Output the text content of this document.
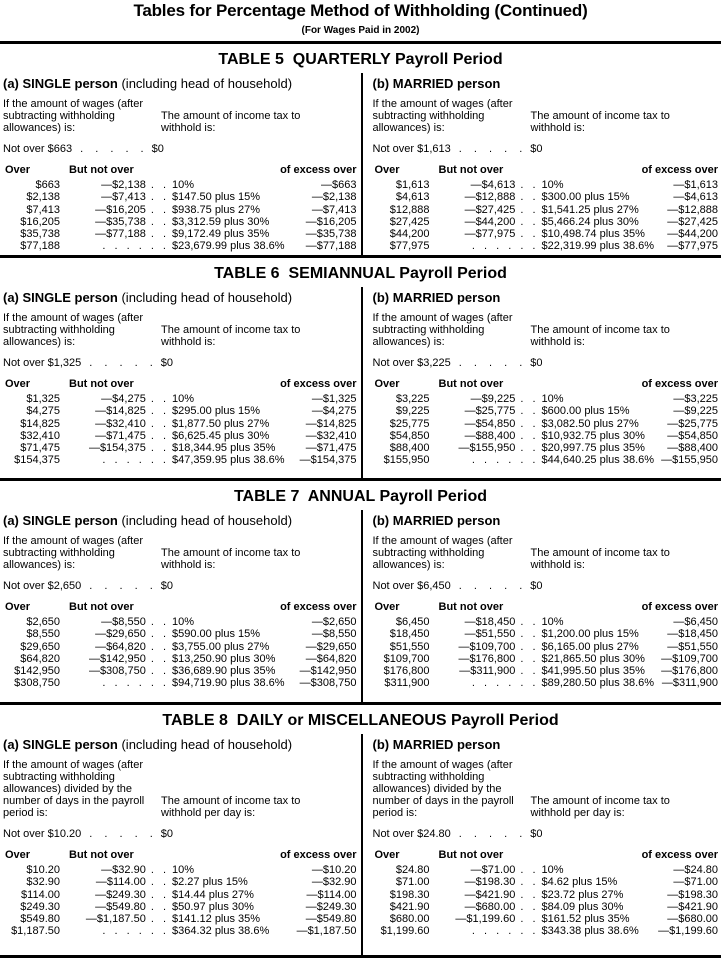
Tables for Percentage Method of Withholding (Continued)
(For Wages Paid in 2002)
TABLE 5  QUARTERLY Payroll Period
(a) SINGLE person (including head of household)
If the amount of wages (after subtracting withholding allowances) is:
The amount of income tax to withhold is:
Not over $663 . . . . . $0
Over	But not over	of excess over
$663	—$2,138 . . 10%	—$663
$2,138	—$7,413 . . $147.50 plus 15%	—$2,138
$7,413	—$16,205 . . $938.75 plus 27%	—$7,413
$16,205	—$35,738 . . $3,312.59 plus 30%	—$16,205
$35,738	—$77,188 . . $9,172.49 plus 35%	—$35,738
$77,188	. . . . . . $23,679.99 plus 38.6%	—$77,188
(b) MARRIED person
If the amount of wages (after subtracting withholding allowances) is:
The amount of income tax to withhold is:
Not over $1,613 . . . . . $0
Over	But not over	of excess over
$1,613	—$4,613 . . 10%	—$1,613
$4,613	—$12,888 . . $300.00 plus 15%	—$4,613
$12,888	—$27,425 . . $1,541.25 plus 27%	—$12,888
$27,425	—$44,200 . . $5,466.24 plus 30%	—$27,425
$44,200	—$77,975 . . $10,498.74 plus 35%	—$44,200
$77,975	. . . . . . $22,319.99 plus 38.6%	—$77,975
TABLE 6  SEMIANNUAL Payroll Period
(a) SINGLE person (including head of household)
If the amount of wages (after subtracting withholding allowances) is:
The amount of income tax to withhold is:
Not over $1,325 . . . . . $0
Over	But not over	of excess over
$1,325	—$4,275 . . 10%	—$1,325
$4,275	—$14,825 . . $295.00 plus 15%	—$4,275
$14,825	—$32,410 . . $1,877.50 plus 27%	—$14,825
$32,410	—$71,475 . . $6,625.45 plus 30%	—$32,410
$71,475	—$154,375 . . $18,344.95 plus 35%	—$71,475
$154,375	. . . . . . $47,359.95 plus 38.6%	—$154,375
(b) MARRIED person
If the amount of wages (after subtracting withholding allowances) is:
The amount of income tax to withhold is:
Not over $3,225 . . . . . $0
Over	But not over	of excess over
$3,225	—$9,225 . . 10%	—$3,225
$9,225	—$25,775 . . $600.00 plus 15%	—$9,225
$25,775	—$54,850 . . $3,082.50 plus 27%	—$25,775
$54,850	—$88,400 . . $10,932.75 plus 30%	—$54,850
$88,400	—$155,950 . . $20,997.75 plus 35%	—$88,400
$155,950	. . . . . . $44,640.25 plus 38.6% —$155,950
TABLE 7  ANNUAL Payroll Period
(a) SINGLE person (including head of household)
If the amount of wages (after subtracting withholding allowances) is:
The amount of income tax to withhold is:
Not over $2,650 . . . . . $0
Over	But not over	of excess over
$2,650	—$8,550 . . 10%	—$2,650
$8,550	—$29,650 . . $590.00 plus 15%	—$8,550
$29,650	—$64,820 . . $3,755.00 plus 27%	—$29,650
$64,820	—$142,950 . . $13,250.90 plus 30%	—$64,820
$142,950	—$308,750 . . $36,689.90 plus 35%	—$142,950
$308,750	. . . . . . $94,719.90 plus 38.6%	—$308,750
(b) MARRIED person
If the amount of wages (after subtracting withholding allowances) is:
The amount of income tax to withhold is:
Not over $6,450 . . . . . $0
Over	But not over	of excess over
$6,450	—$18,450 . . 10%	—$6,450
$18,450	—$51,550 . . $1,200.00 plus 15%	—$18,450
$51,550	—$109,700 . . $6,165.00 plus 27%	—$51,550
$109,700	—$176,800 . . $21,865.50 plus 30%	—$109,700
$176,800	—$311,900 . . $41,995.50 plus 35%	—$176,800
$311,900	. . . . . . $89,280.50 plus 38.6% —$311,900
TABLE 8  DAILY or MISCELLANEOUS Payroll Period
(a) SINGLE person (including head of household)
If the amount of wages (after subtracting withholding allowances) divided by the number of days in the payroll period is:
The amount of income tax to withhold per day is:
Not over $10.20 . . . . . $0
Over	But not over	of excess over
$10.20	—$32.90 . . 10%	—$10.20
$32.90	—$114.00 . . $2.27 plus 15%	—$32.90
$114.00	—$249.30 . . $14.44 plus 27%	—$114.00
$249.30	—$549.80 . . $50.97 plus 30%	—$249.30
$549.80	—$1,187.50 . . $141.12 plus 35%	—$549.80
$1,187.50	. . . . . . $364.32 plus 38.6%	—$1,187.50
(b) MARRIED person
If the amount of wages (after subtracting withholding allowances) divided by the number of days in the payroll period is:
The amount of income tax to withhold per day is:
Not over $24.80 . . . . . $0
Over	But not over	of excess over
$24.80	—$71.00 . . 10%	—$24.80
$71.00	—$198.30 . . $4.62 plus 15%	—$71.00
$198.30	—$421.90 . . $23.72 plus 27%	—$198.30
$421.90	—$680.00 . . $84.09 plus 30%	—$421.90
$680.00	—$1,199.60 . . $161.52 plus 35%	—$680.00
$1,199.60	. . . . . . $343.38 plus 38.6%	—$1,199.60
